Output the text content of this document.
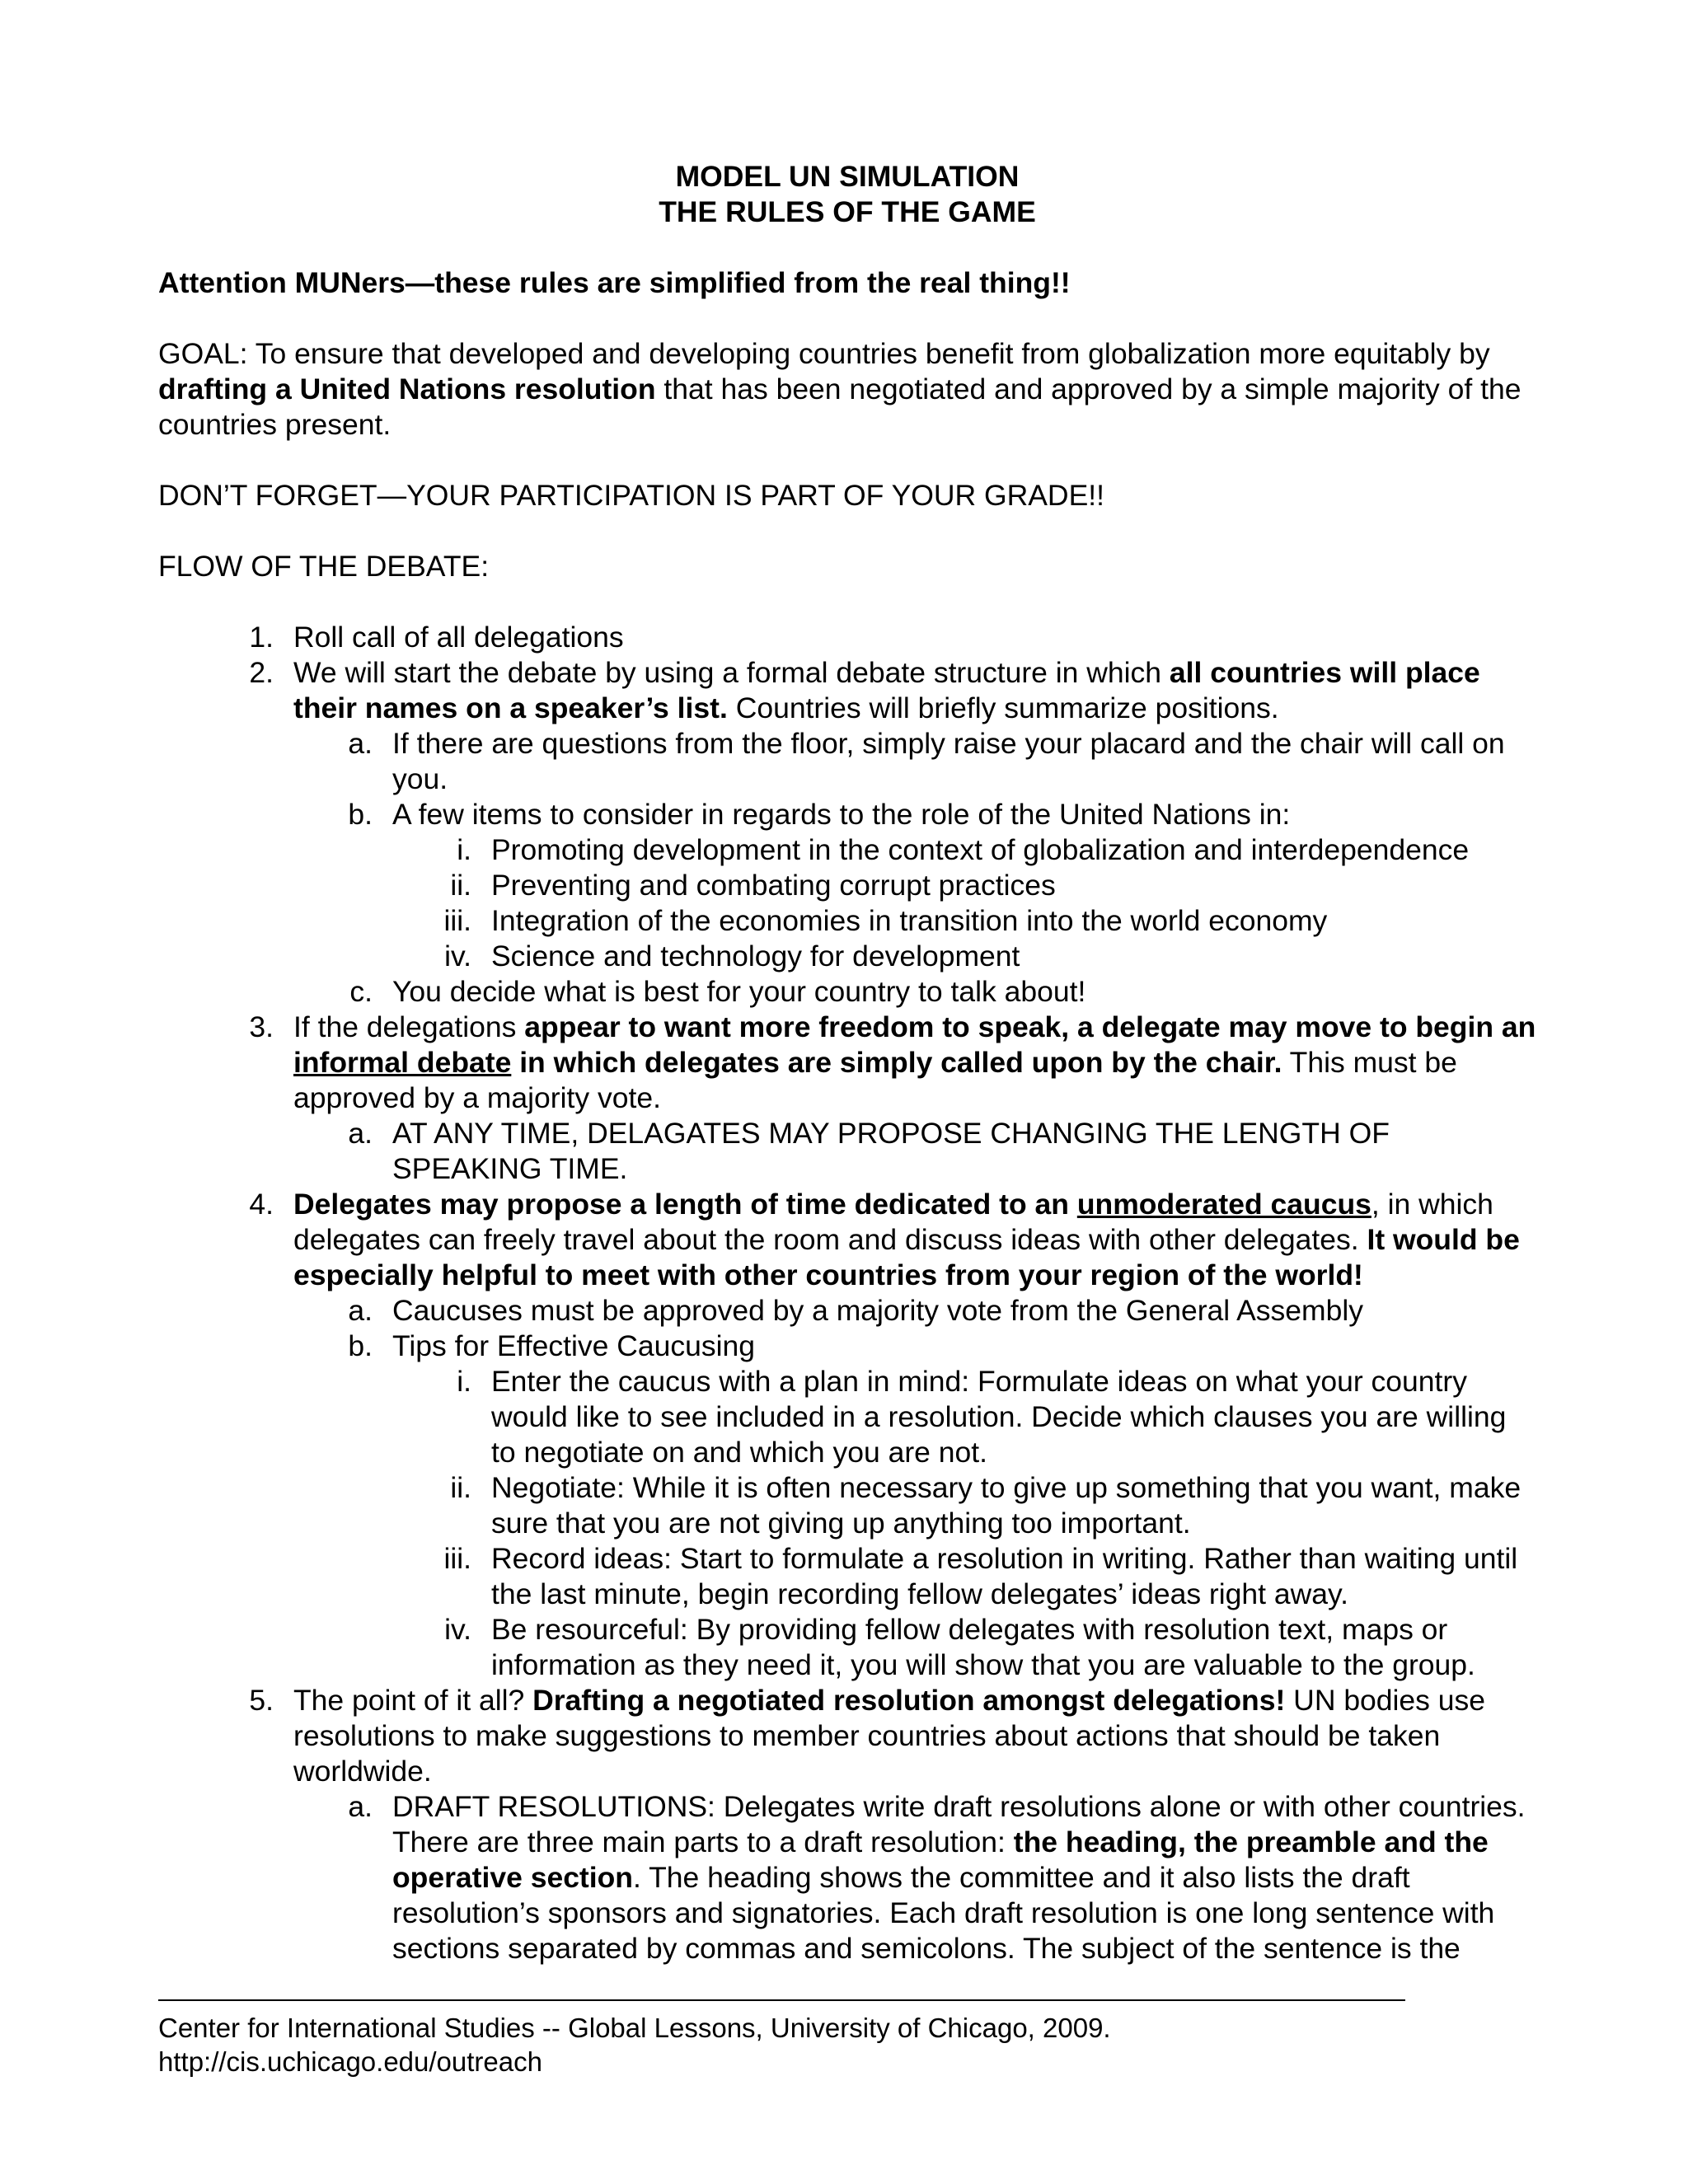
MODEL UN SIMULATION
THE RULES OF THE GAME

Attention MUNers—these rules are simplified from the real thing!!

GOAL: To ensure that developed and developing countries benefit from globalization more equitably by drafting a United Nations resolution that has been negotiated and approved by a simple majority of the countries present.

DON’T FORGET—YOUR PARTICIPATION IS PART OF YOUR GRADE!!

FLOW OF THE DEBATE:

1. Roll call of all delegations
2. We will start the debate by using a formal debate structure in which all countries will place their names on a speaker’s list. Countries will briefly summarize positions.
a. If there are questions from the floor, simply raise your placard and the chair will call on you.
b. A few items to consider in regards to the role of the United Nations in:
i. Promoting development in the context of globalization and interdependence
ii. Preventing and combating corrupt practices
iii. Integration of the economies in transition into the world economy
iv. Science and technology for development
c. You decide what is best for your country to talk about!
3. If the delegations appear to want more freedom to speak, a delegate may move to begin an informal debate in which delegates are simply called upon by the chair. This must be approved by a majority vote.
a. AT ANY TIME, DELAGATES MAY PROPOSE CHANGING THE LENGTH OF SPEAKING TIME.
4. Delegates may propose a length of time dedicated to an unmoderated caucus, in which delegates can freely travel about the room and discuss ideas with other delegates. It would be especially helpful to meet with other countries from your region of the world!
a. Caucuses must be approved by a majority vote from the General Assembly
b. Tips for Effective Caucusing
i. Enter the caucus with a plan in mind: Formulate ideas on what your country would like to see included in a resolution. Decide which clauses you are willing to negotiate on and which you are not.
ii. Negotiate: While it is often necessary to give up something that you want, make sure that you are not giving up anything too important.
iii. Record ideas: Start to formulate a resolution in writing. Rather than waiting until the last minute, begin recording fellow delegates’ ideas right away.
iv. Be resourceful: By providing fellow delegates with resolution text, maps or information as they need it, you will show that you are valuable to the group.
5. The point of it all? Drafting a negotiated resolution amongst delegations! UN bodies use resolutions to make suggestions to member countries about actions that should be taken worldwide.
a. DRAFT RESOLUTIONS: Delegates write draft resolutions alone or with other countries. There are three main parts to a draft resolution: the heading, the preamble and the operative section. The heading shows the committee and it also lists the draft resolution’s sponsors and signatories. Each draft resolution is one long sentence with sections separated by commas and semicolons. The subject of the sentence is the
Center for International Studies -- Global Lessons, University of Chicago, 2009.
http://cis.uchicago.edu/outreach
